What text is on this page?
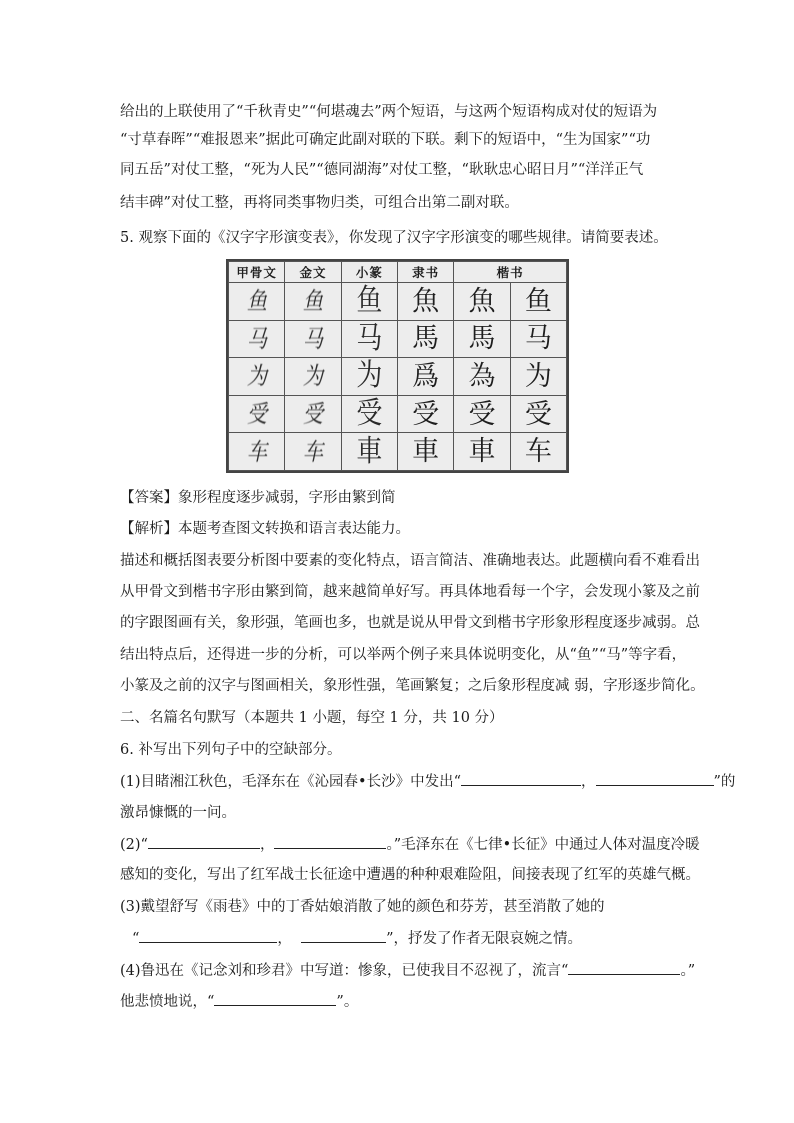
给出的上联使用了“千秋青史”“何堪魂去”两个短语，与这两个短语构成对仗的短语为
“寸草春晖”“难报恩来”据此可确定此副对联的下联。剩下的短语中，“生为国家”“功
同五岳”对仗工整，“死为人民”“德同湖海”对仗工整，“耿耿忠心昭日月”“洋洋正气
结丰碑”对仗工整，再将同类事物归类，可组合出第二副对联。
5. 观察下面的《汉字字形演变表》，你发现了汉字字形演变的哪些规律。请简要表述。
甲骨文	金文	小篆	隶书	楷书	
鱼	鱼	鱼	魚	魚	鱼
马	马	马	馬	馬	马
为	为	为	爲	為	为
受	受	受	受	受	受
车	车	車	車	車	车
【答案】象形程度逐步减弱，字形由繁到简
【解析】本题考查图文转换和语言表达能力。
描述和概括图表要分析图中要素的变化特点，语言简洁、准确地表达。此题横向看不难看出
从甲骨文到楷书字形由繁到简，越来越简单好写。再具体地看每一个字，会发现小篆及之前
的字跟图画有关，象形强，笔画也多，也就是说从甲骨文到楷书字形象形程度逐步减弱。总
结出特点后，还得进一步的分析，可以举两个例子来具体说明变化，从“鱼”“马”等字看，
小篆及之前的汉字与图画相关，象形性强，笔画繁复；之后象形程度减 弱，字形逐步简化。
二、名篇名句默写（本题共 1 小题，每空 1 分，共 10 分）
6. 补写出下列句子中的空缺部分。
(1)目睹湘江秋色，毛泽东在《沁园春•长沙》中发出“	，	”的
激昂慷慨的一问。
(2)“	，	。”毛泽东在《七律•长征》中通过人体对温度冷暖
感知的变化，写出了红军战士长征途中遭遇的种种艰难险阻，间接表现了红军的英雄气概。
(3)戴望舒写《雨巷》中的丁香姑娘消散了她的颜色和芬芳，甚至消散了她的
“	，	”，抒发了作者无限哀婉之情。
(4)鲁迅在《记念刘和珍君》中写道：惨象，已使我目不忍视了，流言“	。”
他悲愤地说，“	”。
